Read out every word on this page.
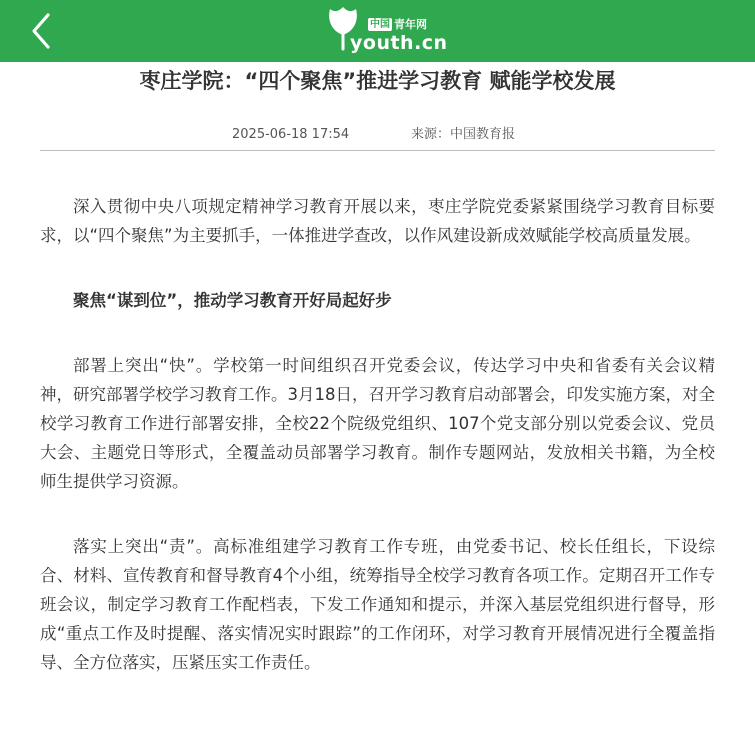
中国 青年网
youth.cn
枣庄学院：“四个聚焦”推进学习教育 赋能学校发展
2025-06-18 17:54	来源：中国教育报

深入贯彻中央八项规定精神学习教育开展以来，枣庄学院党委紧紧围绕学习教育目标要求，以“四个聚焦”为主要抓手，一体推进学查改，以作风建设新成效赋能学校高质量发展。

聚焦“谋到位”，推动学习教育开好局起好步

部署上突出“快”。学校第一时间组织召开党委会议，传达学习中央和省委有关会议精神，研究部署学校学习教育工作。3月18日，召开学习教育启动部署会，印发实施方案，对全校学习教育工作进行部署安排，全校22个院级党组织、107个党支部分别以党委会议、党员大会、主题党日等形式，全覆盖动员部署学习教育。制作专题网站，发放相关书籍，为全校师生提供学习资源。

落实上突出“责”。高标准组建学习教育工作专班，由党委书记、校长任组长，下设综合、材料、宣传教育和督导教育4个小组，统筹指导全校学习教育各项工作。定期召开工作专班会议，制定学习教育工作配档表，下发工作通知和提示，并深入基层党组织进行督导，形成“重点工作及时提醒、落实情况实时跟踪”的工作闭环，对学习教育开展情况进行全覆盖指导、全方位落实，压紧压实工作责任。
